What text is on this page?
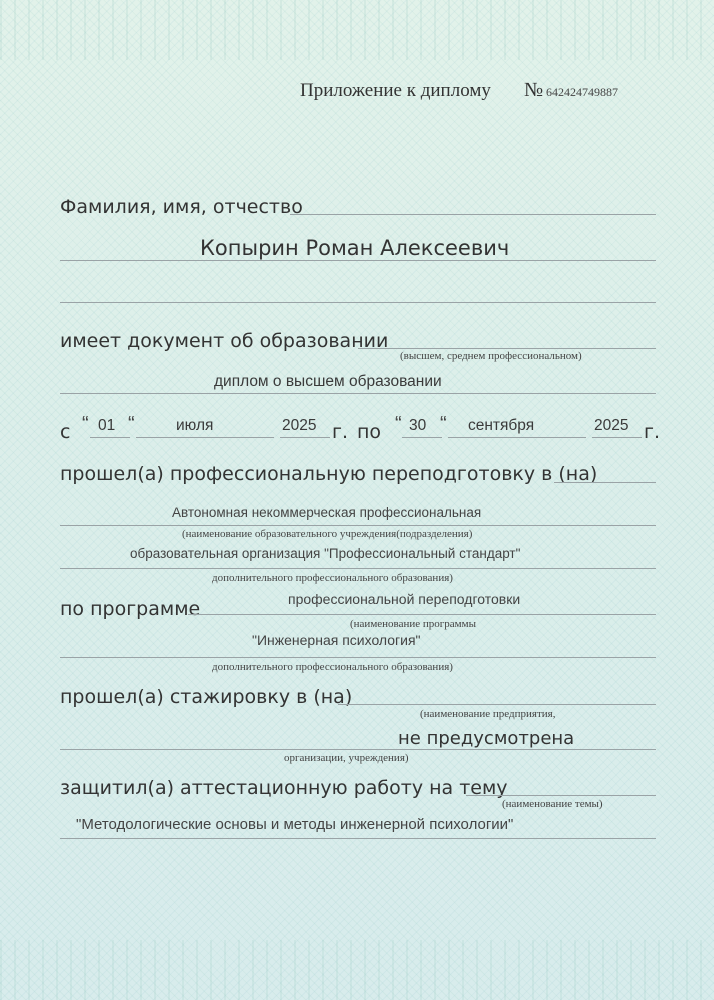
Приложение к дипломy № 642424749887
Фамилия, имя, отчество
Копырин Роман Алексеевич
имеет документ об образовании
(высшем, среднем профессиональном)
диплом о высшем образовании
с “ 01 “	июля	2025 г. по “ 30 “ сентября	2025 г.
прошел(а) профессиональную переподготовку в (на)
Автономная некоммерческая профессиональная
(наименование образовательного учреждения(подразделения)
образовательная организация "Профессиональный стандарт"
дополнительного профессионального образования)
по программе	профессиональной переподготовки
(наименование программы
"Инженерная психология"
дополнительного профессионального образования)
прошел(а) стажировку в (на)
(наименование предприятия,
не предусмотрена
организации, учреждения)
защитил(а) аттестационную работу на тему
(наименование темы)
"Методологические основы и методы инженерной психологии"
